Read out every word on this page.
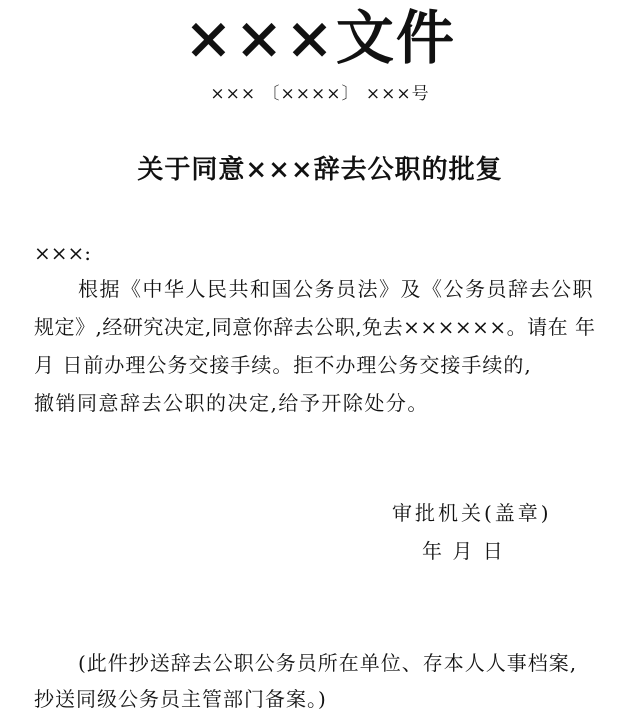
×××文件
××× 〔××××〕 ×××号
关于同意×××辞去公职的批复
×××:
根据《中华人民共和国公务员法》及《公务员辞去公职
规定》,经研究决定,同意你辞去公职,免去××××××。请在 年
月 日前办理公务交接手续。拒不办理公务交接手续的,
撤销同意辞去公职的决定,给予开除处分。
审批机关(盖章)
年 月 日
(此件抄送辞去公职公务员所在单位、存本人人事档案,
抄送同级公务员主管部门备案。)
